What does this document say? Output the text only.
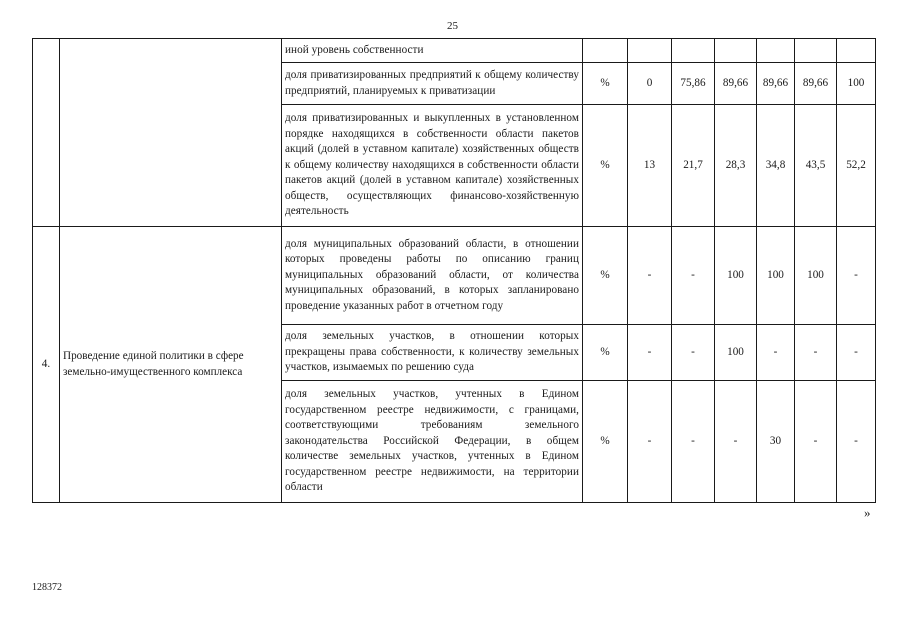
25
		иной уровень собственности							
		доля приватизированных предприятий к общему количеству предприятий, планируемых к приватизации	%	0	75,86	89,66	89,66	89,66	100
		доля приватизированных и выкупленных в установленном порядке находящихся в собственности области пакетов акций (долей в уставном капитале) хозяйственных обществ к общему количеству находящихся в собственности области пакетов акций (долей в уставном капитале) хозяйственных обществ, осуществляющих финансово-хозяйственную деятельность	%	13	21,7	28,3	34,8	43,5	52,2
4.	Проведение единой политики в сфере земельно-имущественного комплекса	доля муниципальных образований области, в отношении которых проведены работы по описанию границ муниципальных образований области, от количества муниципальных образований, в которых запланировано проведение указанных работ в отчетном году	%	-	-	100	100	100	-
		доля земельных участков, в отношении которых прекращены права собственности, к количеству земельных участков, изымаемых по решению суда	%	-	-	100	-	-	-
		доля земельных участков, учтенных в Едином государственном реестре недвижимости, с границами, соответствующими требованиям земельного законодательства Российской Федерации, в общем количестве земельных участков, учтенных в Едином государственном реестре недвижимости, на территории области	%	-	-	-	30	-	-
»
128372
